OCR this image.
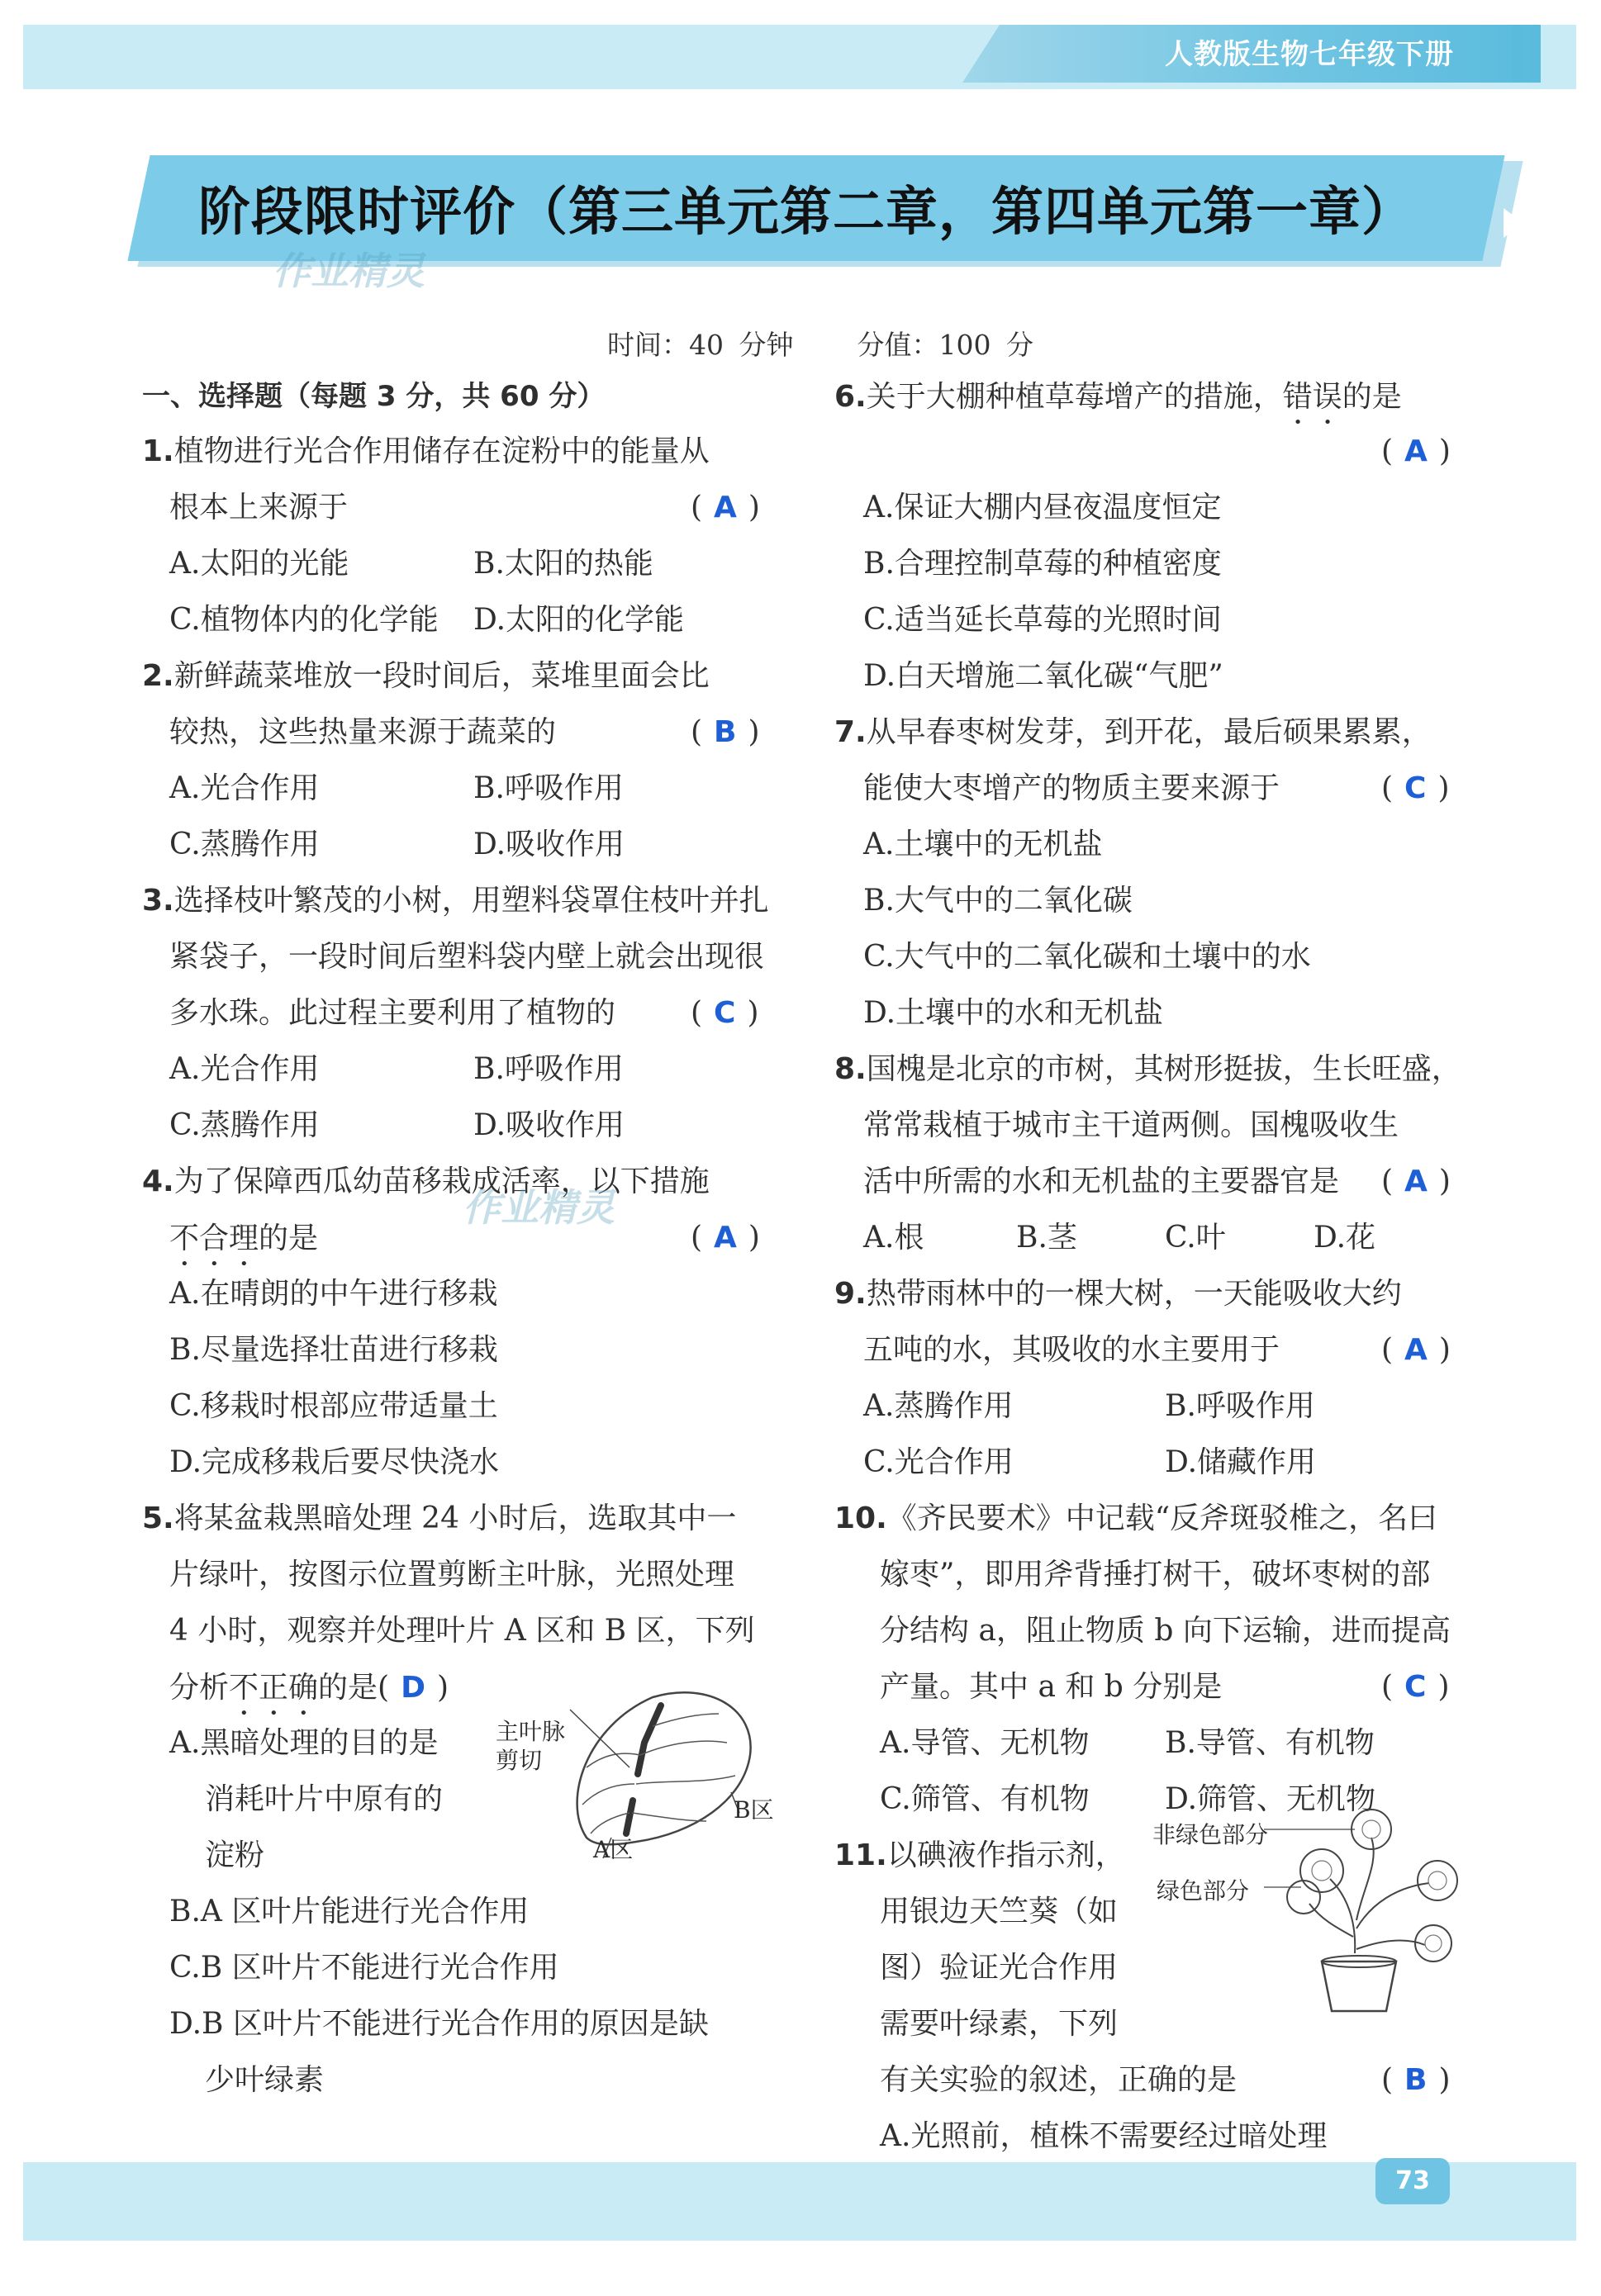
人教版生物七年级下册
阶段限时评价（第三单元第二章，第四单元第一章）
作业精灵
时间：40 分钟 分值：100 分
一、选择题（每题 3 分，共 60 分）
1.植物进行光合作用储存在淀粉中的能量从
根本上来源于	( A )
A.太阳的光能	B.太阳的热能
C.植物体内的化学能 D.太阳的化学能
2.新鲜蔬菜堆放一段时间后，菜堆里面会比
较热，这些热量来源于蔬菜的	( B )
A.光合作用	B.呼吸作用
C.蒸腾作用	D.吸收作用
3.选择枝叶繁茂的小树，用塑料袋罩住枝叶并扎
紧袋子，一段时间后塑料袋内壁上就会出现很
多水珠。此过程主要利用了植物的	( C )
A.光合作用	B.呼吸作用
C.蒸腾作用	D.吸收作用
4.为了保障西瓜幼苗移栽成活率，以下措施
不合理的是	( A )
作业精灵
A.在晴朗的中午进行移栽
B.尽量选择壮苗进行移栽
C.移栽时根部应带适量土
D.完成移栽后要尽快浇水
5.将某盆栽黑暗处理 24 小时后，选取其中一
片绿叶，按图示位置剪断主叶脉，光照处理
4 小时，观察并处理叶片 A 区和 B 区，下列
分析不正确的是( D )
A.黑暗处理的目的是
消耗叶片中原有的
淀粉
主叶脉
剪切
A区
B区
B.A 区叶片能进行光合作用
C.B 区叶片不能进行光合作用
D.B 区叶片不能进行光合作用的原因是缺
少叶绿素
6.关于大棚种植草莓增产的措施，错误的是
( A )
A.保证大棚内昼夜温度恒定
B.合理控制草莓的种植密度
C.适当延长草莓的光照时间
D.白天增施二氧化碳“气肥”
7.从早春枣树发芽，到开花，最后硕果累累，
能使大枣增产的物质主要来源于	( C )
A.土壤中的无机盐
B.大气中的二氧化碳
C.大气中的二氧化碳和土壤中的水
D.土壤中的水和无机盐
8.国槐是北京的市树，其树形挺拔，生长旺盛，
常常栽植于城市主干道两侧。国槐吸收生
活中所需的水和无机盐的主要器官是 ( A )
A.根	B.茎	C.叶	D.花
9.热带雨林中的一棵大树，一天能吸收大约
五吨的水，其吸收的水主要用于	( A )
A.蒸腾作用	B.呼吸作用
C.光合作用	D.储藏作用
10.《齐民要术》中记载“反斧斑驳椎之，名曰
嫁枣”，即用斧背捶打树干，破坏枣树的部
分结构 a，阻止物质 b 向下运输，进而提高
产量。其中 a 和 b 分别是	( C )
A.导管、无机物	B.导管、有机物
C.筛管、有机物	D.筛管、无机物
11.以碘液作指示剂，
用银边天竺葵（如
图）验证光合作用
需要叶绿素，下列
有关实验的叙述，正确的是	( B )
A.光照前，植株不需要经过暗处理
非绿色部分
绿色部分
73
